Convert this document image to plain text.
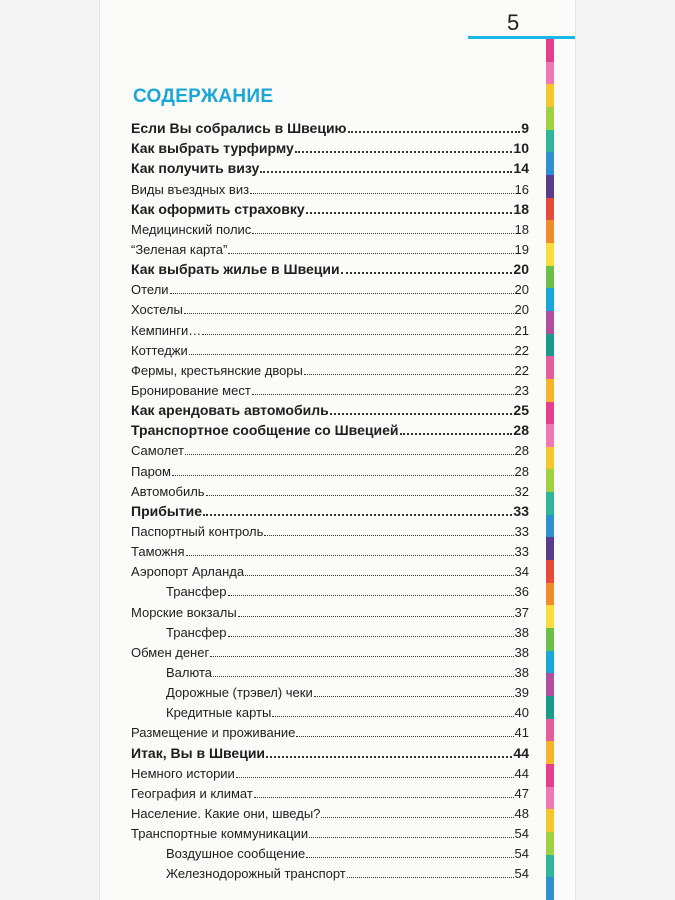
5
СОДЕРЖАНИЕ
Если Вы собрались в Швецию	9
Как выбрать турфирму	10
Как получить визу	14
Виды въездных виз	16
Как оформить страховку	18
Медицинский полис	18
“Зеленая карта”	19
Как выбрать жилье в Швеции	20
Отели	20
Хостелы	20
Кемпинги…	21
Коттеджи	22
Фермы, крестьянские дворы	22
Бронирование мест	23
Как арендовать автомобиль	25
Транспортное сообщение со Швецией	28
Самолет	28
Паром	28
Автомобиль	32
Прибытие	33
Паспортный контроль	33
Таможня	33
Аэропорт Арланда	34
Трансфер	36
Морские вокзалы	37
Трансфер	38
Обмен денег	38
Валюта	38
Дорожные (трэвел) чеки	39
Кредитные карты	40
Размещение и проживание	41
Итак, Вы в Швеции	44
Немного истории	44
География и климат	47
Население. Какие они, шведы?	48
Транспортные коммуникации	54
Воздушное сообщение	54
Железнодорожный транспорт	54
